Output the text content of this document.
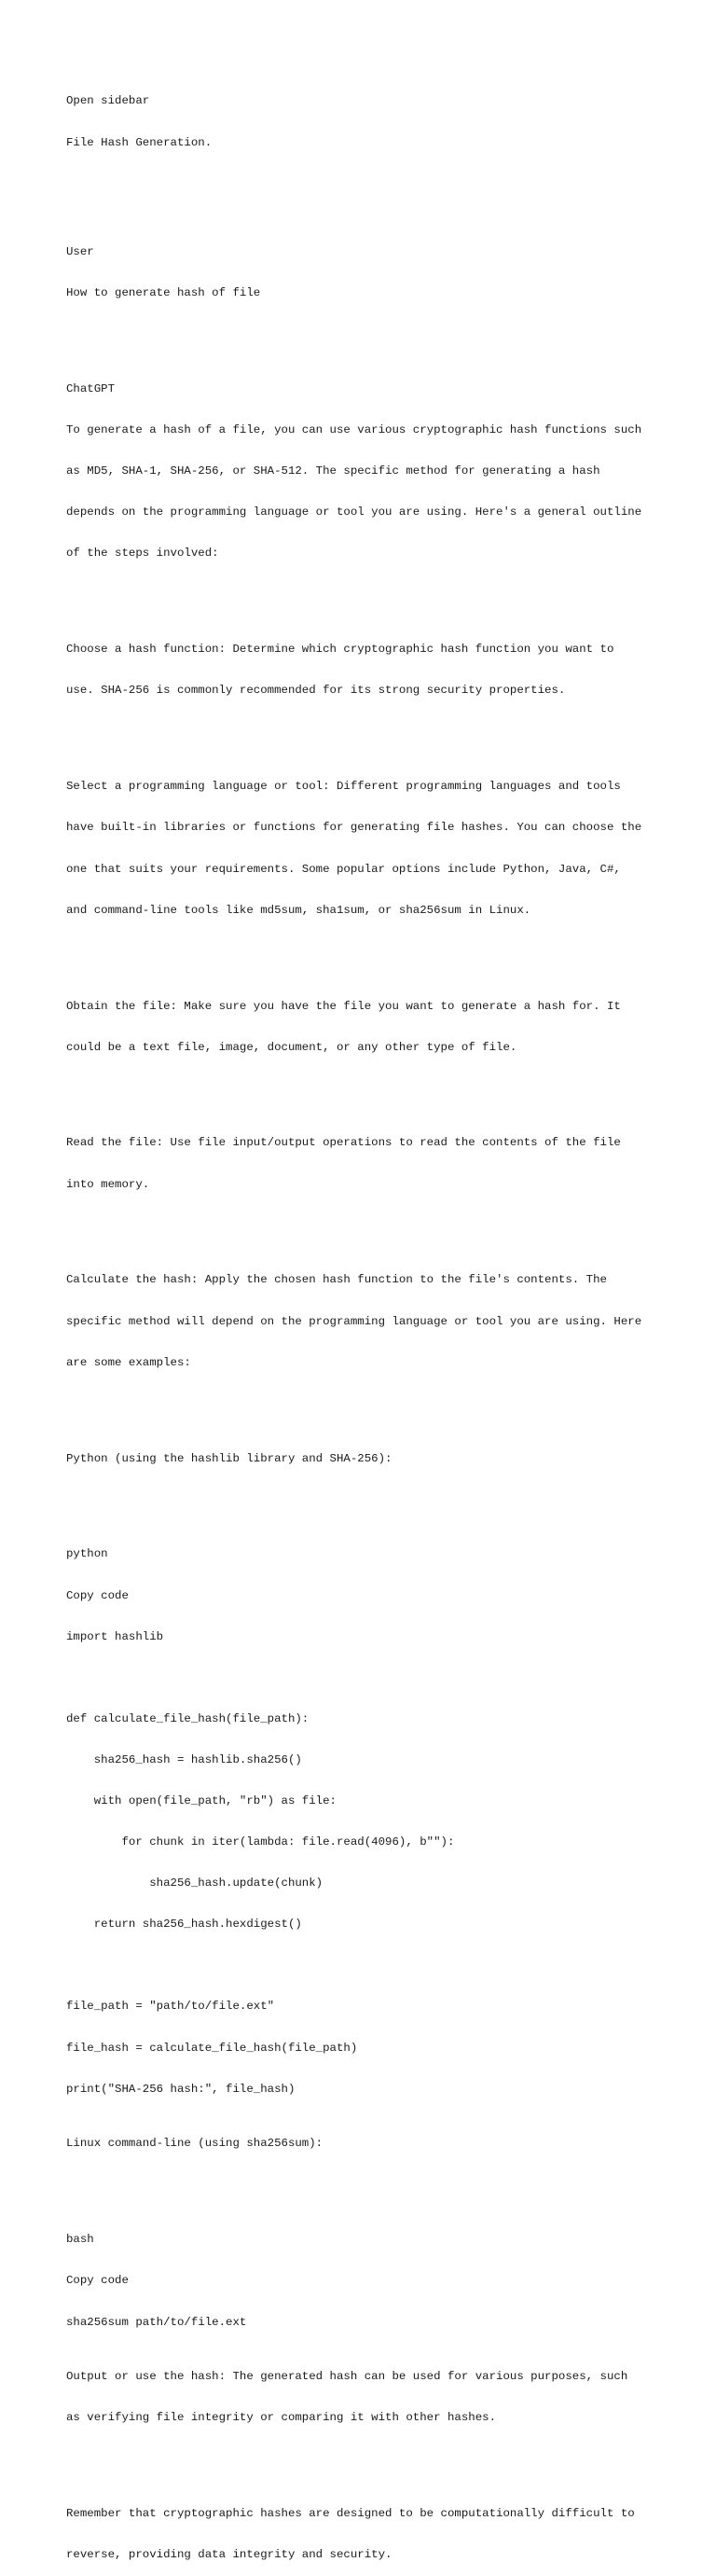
Open sidebar

File Hash Generation.

User

How to generate hash of file

ChatGPT

To generate a hash of a file, you can use various cryptographic hash functions such

as MD5, SHA-1, SHA-256, or SHA-512. The specific method for generating a hash

depends on the programming language or tool you are using. Here's a general outline

of the steps involved:

Choose a hash function: Determine which cryptographic hash function you want to

use. SHA-256 is commonly recommended for its strong security properties.

Select a programming language or tool: Different programming languages and tools

have built-in libraries or functions for generating file hashes. You can choose the

one that suits your requirements. Some popular options include Python, Java, C#,

and command-line tools like md5sum, sha1sum, or sha256sum in Linux.

Obtain the file: Make sure you have the file you want to generate a hash for. It

could be a text file, image, document, or any other type of file.

Read the file: Use file input/output operations to read the contents of the file

into memory.

Calculate the hash: Apply the chosen hash function to the file's contents. The

specific method will depend on the programming language or tool you are using. Here

are some examples:

Python (using the hashlib library and SHA-256):

python

Copy code

import hashlib

def calculate_file_hash(file_path):

sha256_hash = hashlib.sha256()

with open(file_path, "rb") as file:

for chunk in iter(lambda: file.read(4096), b""):

sha256_hash.update(chunk)

return sha256_hash.hexdigest()

file_path = "path/to/file.ext"

file_hash = calculate_file_hash(file_path)

print("SHA-256 hash:", file_hash)

Linux command-line (using sha256sum):

bash

Copy code

sha256sum path/to/file.ext

Output or use the hash: The generated hash can be used for various purposes, such

as verifying file integrity or comparing it with other hashes.

Remember that cryptographic hashes are designed to be computationally difficult to

reverse, providing data integrity and security.
